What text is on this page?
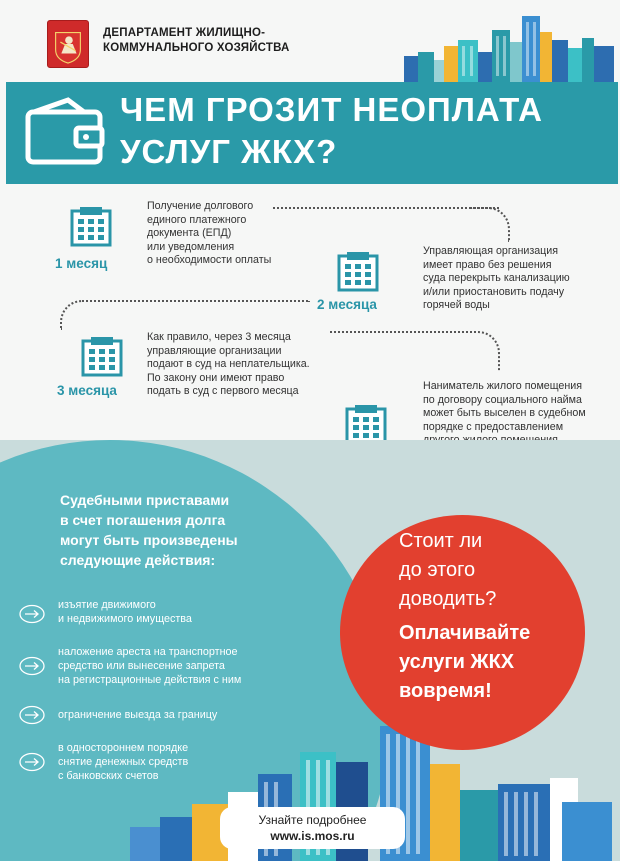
ДЕПАРТАМЕНТ ЖИЛИЩНО-
КОММУНАЛЬНОГО ХОЗЯЙСТВА
ЧЕМ ГРОЗИТ НЕОПЛАТА
УСЛУГ ЖКХ?
1 месяц
2 месяца
3 месяца
Получение долгового
единого платежного
документа (ЕПД)
или уведомления
о необходимости оплаты
Управляющая организация
имеет право без решения
суда перекрыть канализацию
и/или приостановить подачу
горячей воды
Как правило, через 3 месяца
управляющие организации
подают в суд на неплательщика.
По закону они имеют право
подать в суд с первого месяца	Наниматель жилого помещения
по договору социального найма
может быть выселен в судебном
порядке с предоставлением
Судебными приставами
в счет погашения долга
могут быть произведены
следующие действия:
изъятие движимого
и недвижимого имущества
наложение ареста на транспортное
средство или вынесение запрета
на регистрационные действия с ним
ограничение выезда за границу
в одностороннем порядке
снятие денежных средств
с банковских счетов
Стоит ли
до этого
доводить?
Оплачивайте
услуги ЖКХ
вовремя!
Узнайте подробнее
www.is.mos.ru
